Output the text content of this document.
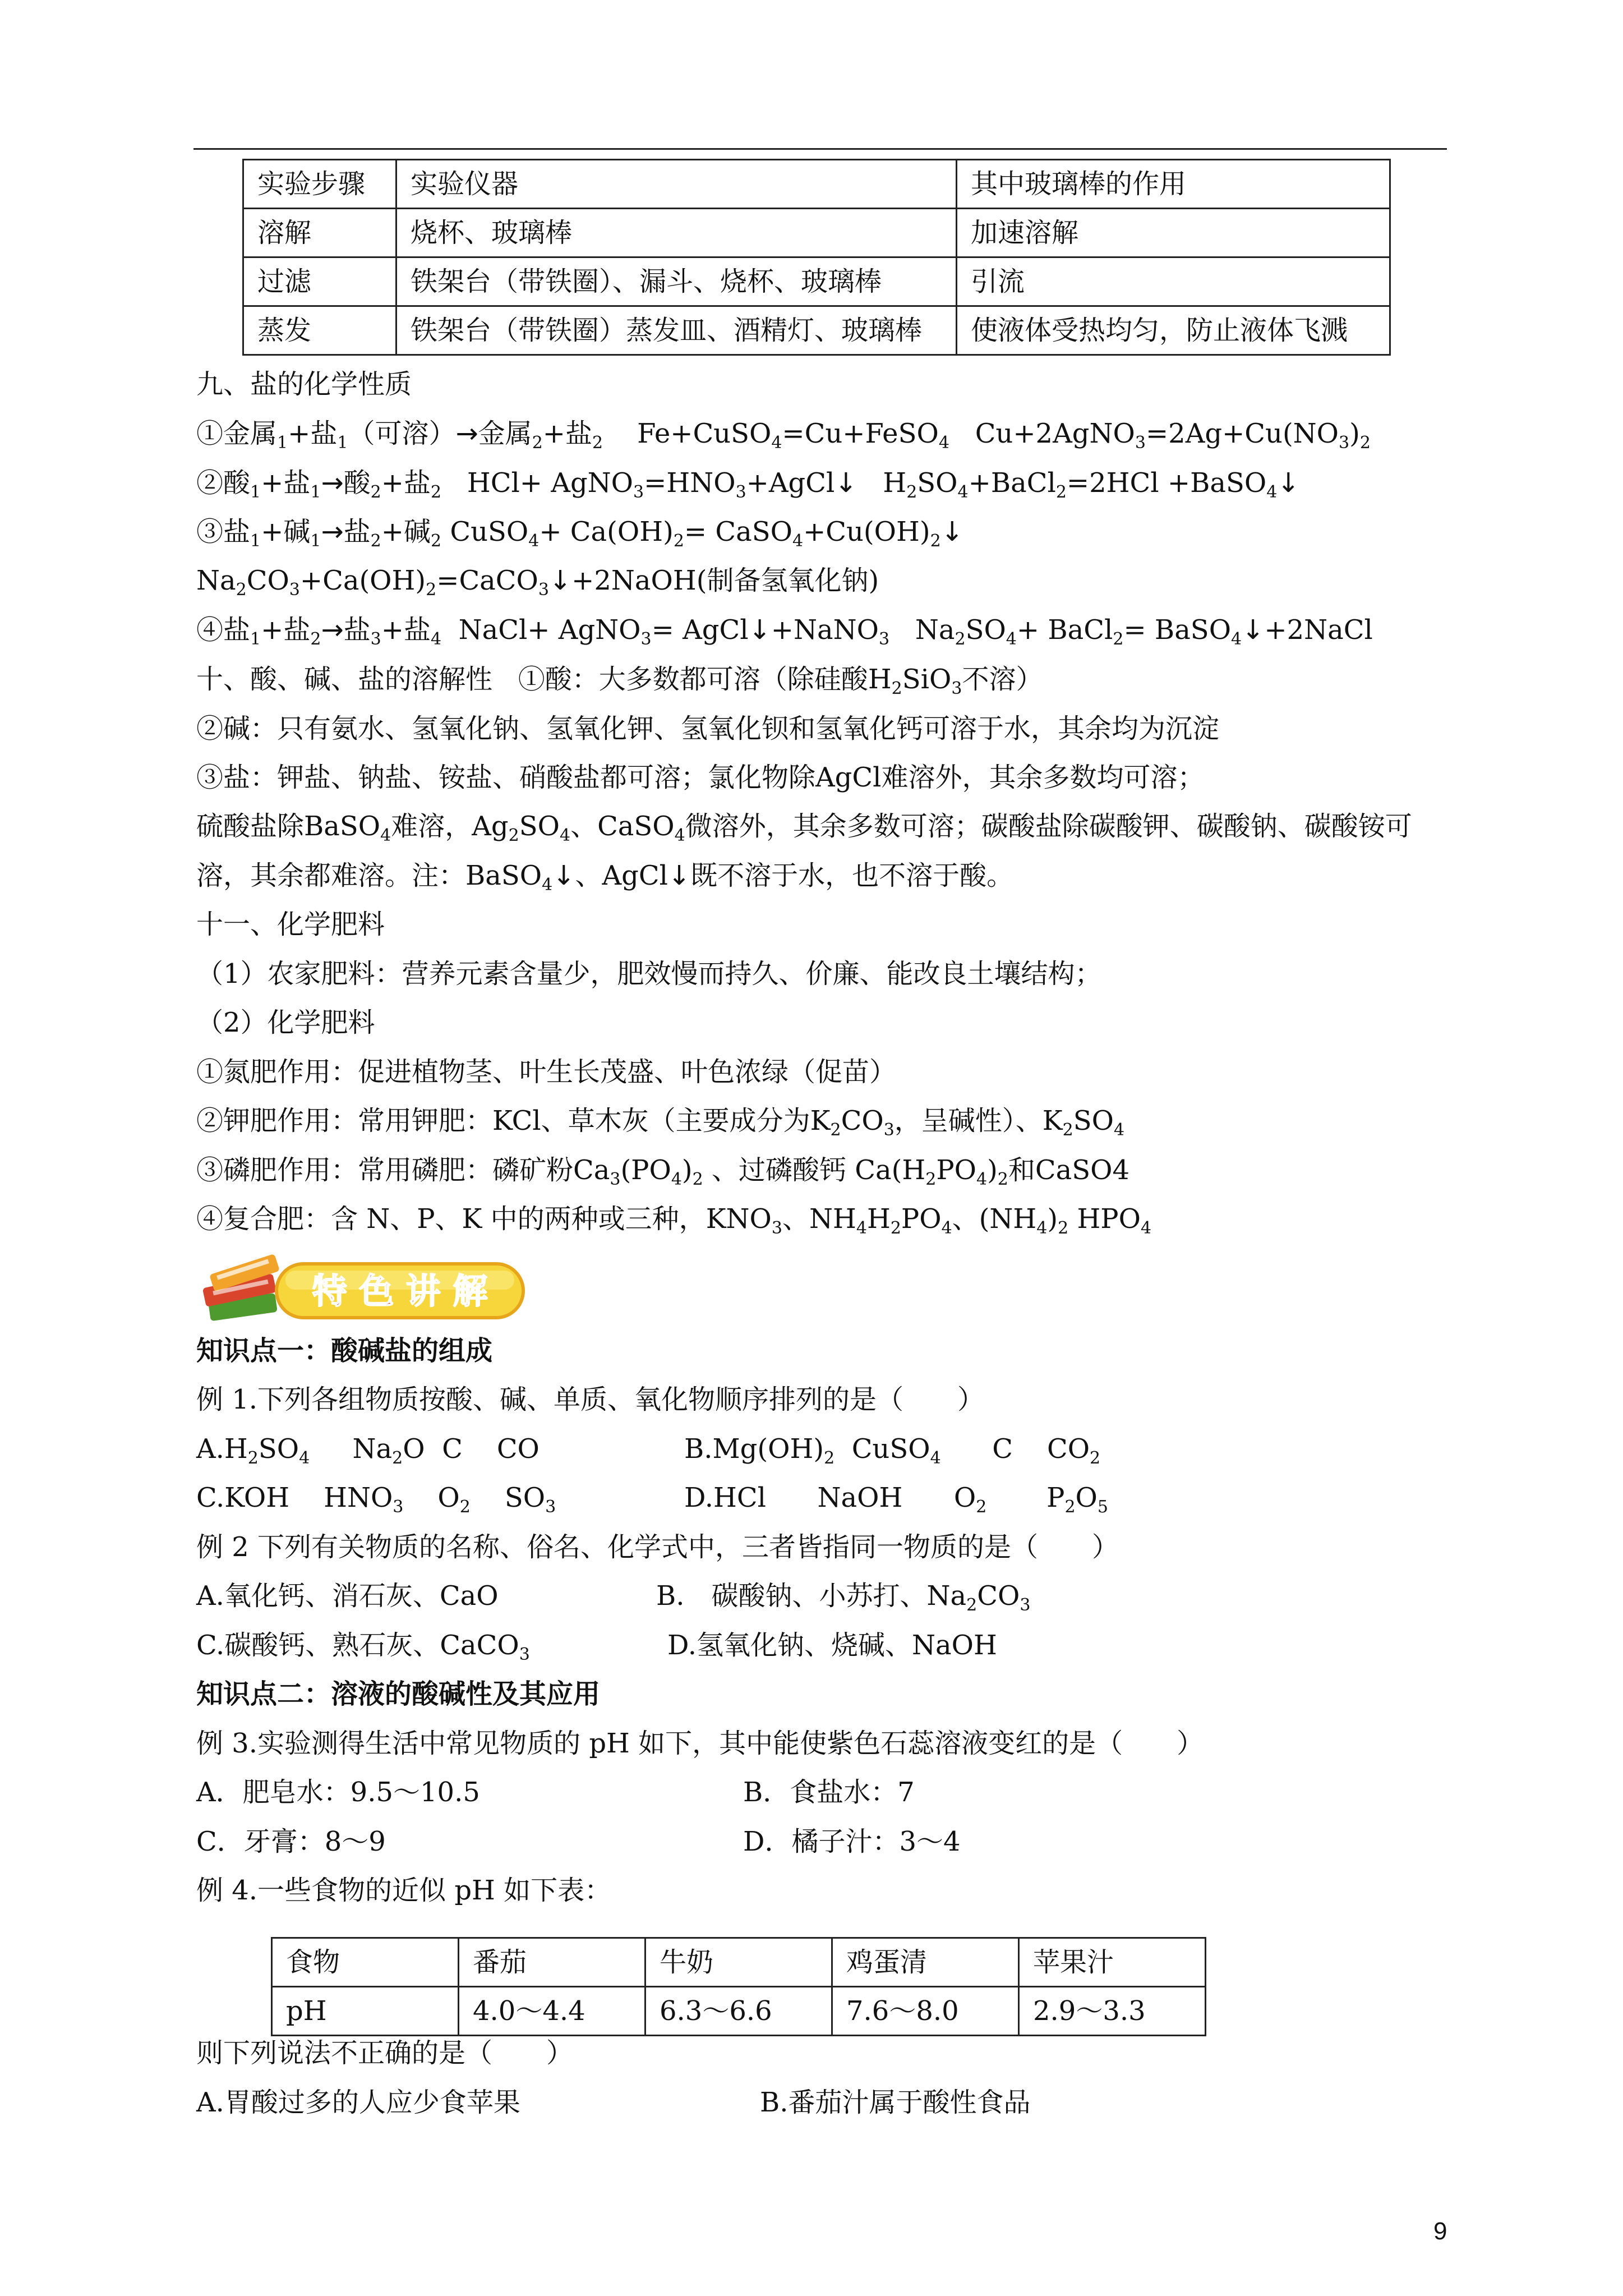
实验步骤	实验仪器	其中玻璃棒的作用
溶解	烧杯、玻璃棒	加速溶解
过滤	铁架台（带铁圈）、漏斗、烧杯、玻璃棒	引流
蒸发	铁架台（带铁圈）蒸发皿、酒精灯、玻璃棒	使液体受热均匀，防止液体飞溅
九、盐的化学性质
①金属$_1$+盐$_1$（可溶）→金属$_2$+盐$_2$    Fe+CuSO$_4$=Cu+FeSO$_4$   $Cu+2AgNO_3=2Ag+Cu(NO_3)_2$
②酸$_1$+盐$_1$→酸$_2$+盐$_2$   $HCl+ AgNO_3=HNO_3+AgCl↓$   $H_2SO_4+BaCl_2=2HCl$ +BaSO$_4$↓
③盐$_1$+碱$_1$→盐$_2$+碱$_2$ CuSO$_4$+ $Ca(OH)_2=$ $CaSO_4+Cu(OH)_2↓$
$Na_2CO_3+Ca(OH)_2=CaCO_3↓+2NaOH$(制备氢氧化钠)
④盐$_1$+盐$_2$→盐$_3$+盐$_4$  NaCl+ AgNO$_3$= AgCl↓+NaNO$_3$   $Na_2SO_4+$ BaCl$_2$= BaSO$_4$↓+2NaCl
十、酸、碱、盐的溶解性 ①酸：大多数都可溶（除硅酸$H_2SiO_3$不溶）
②碱：只有氨水、氢氧化钠、氢氧化钾、氢氧化钡和氢氧化钙可溶于水，其余均为沉淀
③盐：钾盐、钠盐、铵盐、硝酸盐都可溶；氯化物除AgCl难溶外，其余多数均可溶；
硫酸盐除BaSO$_4$难溶，$Ag_2SO_4$、CaSO$_4$微溶外，其余多数可溶；碳酸盐除碳酸钾、碳酸钠、碳酸铵可
溶，其余都难溶。注：BaSO$_4$↓、AgCl↓既不溶于水，也不溶于酸。
十一、化学肥料
（1）农家肥料：营养元素含量少，肥效慢而持久、价廉、能改良土壤结构；
（2）化学肥料
①氮肥作用：促进植物茎、叶生长茂盛、叶色浓绿（促苗）
②钾肥作用：常用钾肥：KCl、草木灰（主要成分为$K_2CO_3$，呈碱性）、$K_2SO_4$
③磷肥作用：常用磷肥：磷矿粉$Ca_3(PO_4)_2$ 、过磷酸钙 $Ca(H_2PO_4)_2$和CaSO4
④复合肥：含 N、P、K 中的两种或三种，$KNO_3$、$NH_4H_2PO_4$、$(NH_4)_2$ $HPO_4$
特 色 讲 解
知识点一：酸碱盐的组成
例 1.下列各组物质按酸、碱、单质、氧化物顺序排列的是（　　）
$A.H_2SO_4$     $Na_2O$  C    CO	$B.Mg(OH)_2$  CuSO$_4$      C    $CO_2$
C.KOH    $HNO_3$    $O_2$    $SO_3$	D.HCl      NaOH      $O_2$       $P_2O_5$
例 2 下列有关物质的名称、俗名、化学式中，三者皆指同一物质的是（　　）
A.氧化钙、消石灰、CaO	B.　碳酸钠、小苏打、$Na_2CO_3$
C.碳酸钙、熟石灰、CaCO$_3$	D.氢氧化钠、烧碱、NaOH
知识点二：溶液的酸碱性及其应用
例 3.实验测得生活中常见物质的 pH 如下，其中能使紫色石蕊溶液变红的是（　　）
A．肥皂水：9.5～10.5	B．食盐水：7
C．牙膏：8～9	D．橘子汁：3～4
例 4.一些食物的近似 pH 如下表：
食物	番茄	牛奶	鸡蛋清	苹果汁
pH	4.0～4.4	6.3～6.6	7.6～8.0	2.9～3.3
则下列说法不正确的是（　　）
A.胃酸过多的人应少食苹果	B.番茄汁属于酸性食品
9
